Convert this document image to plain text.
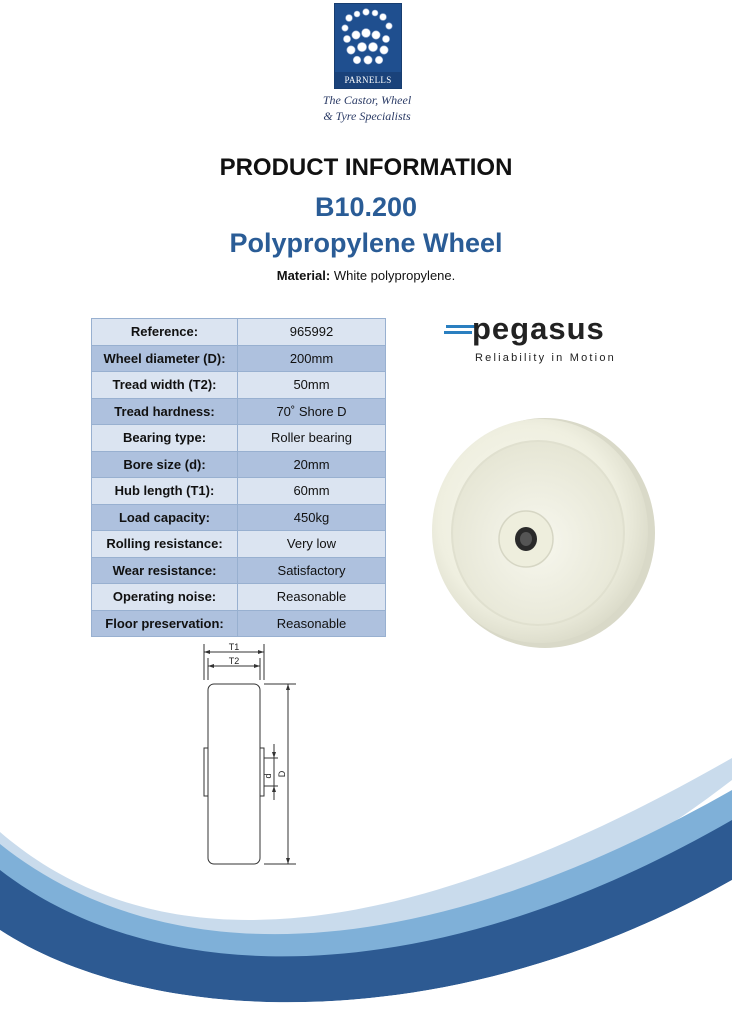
PARNELLS
The Castor, Wheel
& Tyre Specialists
PRODUCT INFORMATION
B10.200
Polypropylene Wheel
Material: White polypropylene.
Reference:	965992
Wheel diameter (D):	200mm
Tread width (T2):	50mm
Tread hardness:	70˚ Shore D
Bearing type:	Roller bearing
Bore size (d):	20mm
Hub length (T1):	60mm
Load capacity:	450kg
Rolling resistance:	Very low
Wear resistance:	Satisfactory
Operating noise:	Reasonable
Floor preservation:	Reasonable
pegasus
Reliability in Motion
T1
T2
d D
